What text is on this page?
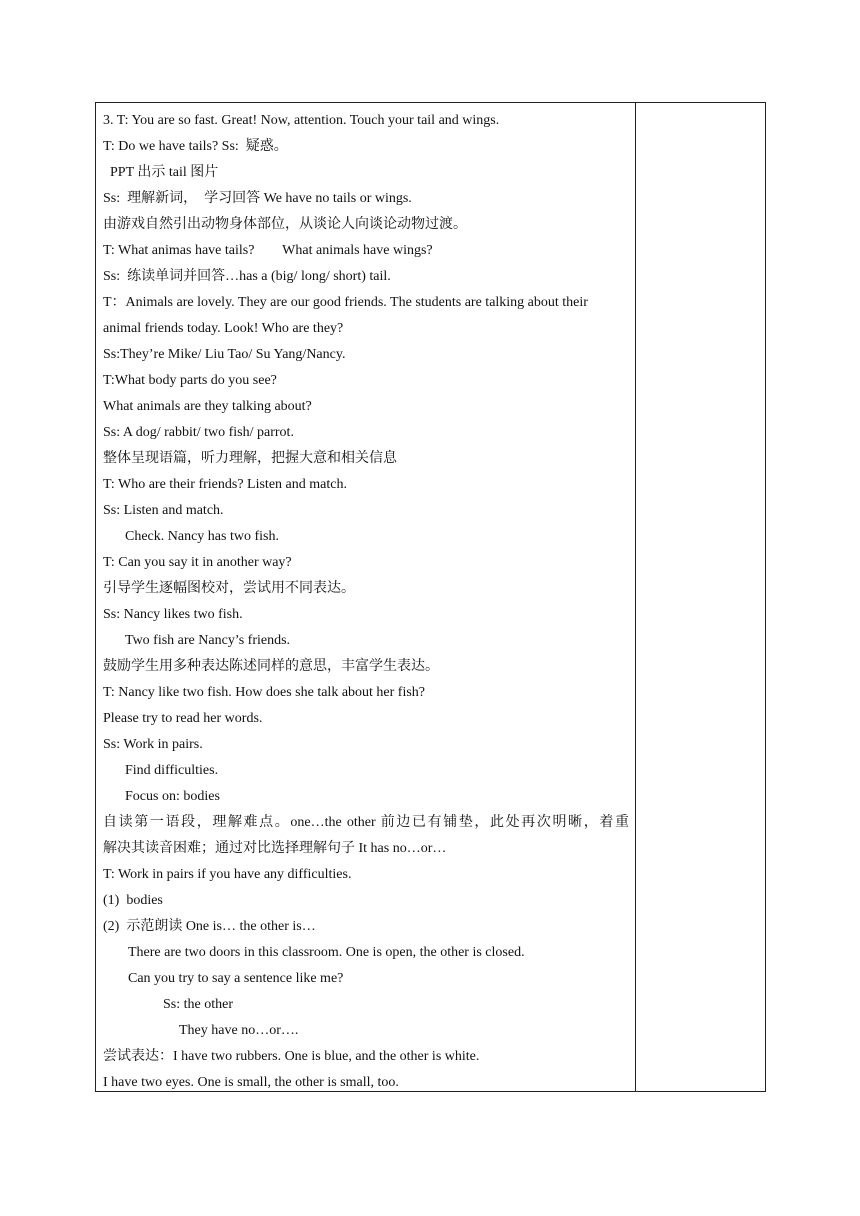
3. T: You are so fast. Great! Now, attention. Touch your tail and wings.
T: Do we have tails? Ss:  疑惑。
PPT 出示 tail 图片
Ss:  理解新词，  学习回答 We have no tails or wings.
由游戏自然引出动物身体部位，从谈论人向谈论动物过渡。
T: What animas have tails?        What animals have wings?
Ss:  练读单词并回答…has a (big/ long/ short) tail.
T：Animals are lovely. They are our good friends. The students are talking about their
animal friends today. Look! Who are they?
Ss:They’re Mike/ Liu Tao/ Su Yang/Nancy.
T:What body parts do you see?
What animals are they talking about?
Ss: A dog/ rabbit/ two fish/ parrot.
整体呈现语篇，听力理解，把握大意和相关信息
T: Who are their friends? Listen and match.
Ss: Listen and match.
Check. Nancy has two fish.
T: Can you say it in another way?
引导学生逐幅图校对，尝试用不同表达。
Ss: Nancy likes two fish.
Two fish are Nancy’s friends.
鼓励学生用多种表达陈述同样的意思，丰富学生表达。
T: Nancy like two fish. How does she talk about her fish?
Please try to read her words.
Ss: Work in pairs.
Find difficulties.
Focus on: bodies
自读第一语段，理解难点。one…the other 前边已有铺垫，此处再次明晰，着重
解决其读音困难；通过对比选择理解句子 It has no…or…
T: Work in pairs if you have any difficulties.
(1)  bodies
(2)  示范朗读 One is… the other is…
There are two doors in this classroom. One is open, the other is closed.
Can you try to say a sentence like me?
Ss: the other
They have no…or….
尝试表达：I have two rubbers. One is blue, and the other is white.
I have two eyes. One is small, the other is small, too.
